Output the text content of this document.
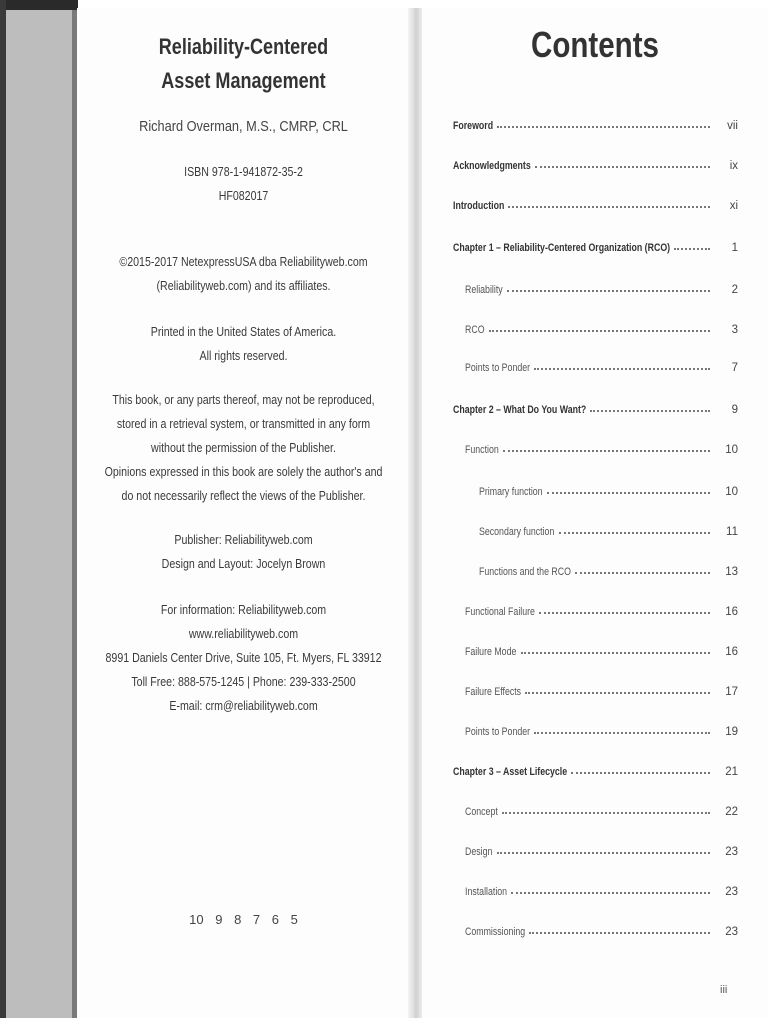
Reliability-Centered
Asset Management
Richard Overman, M.S., CMRP, CRL
ISBN 978-1-941872-35-2
HF082017
©2015-2017 NetexpressUSA dba Reliabilityweb.com
(Reliabilityweb.com) and its affiliates.
Printed in the United States of America.
All rights reserved.
This book, or any parts thereof, may not be reproduced,
stored in a retrieval system, or transmitted in any form
without the permission of the Publisher.
Opinions expressed in this book are solely the author's and
do not necessarily reflect the views of the Publisher.
Publisher: Reliabilityweb.com
Design and Layout: Jocelyn Brown
For information: Reliabilityweb.com
www.reliabilityweb.com
8991 Daniels Center Drive, Suite 105, Ft. Myers, FL 33912
Toll Free: 888-575-1245 | Phone: 239-333-2500
E-mail: crm@reliabilityweb.com
10 9 8 7 6 5
Contents
Foreword	vii
Acknowledgments	ix
Introduction	xi
Chapter 1 – Reliability-Centered Organization (RCO)	1
Reliability	2
RCO	3
Points to Ponder	7
Chapter 2 – What Do You Want?	9
Function	10
Primary function	10
Secondary function	11
Functions and the RCO	13
Functional Failure	16
Failure Mode	16
Failure Effects	17
Points to Ponder	19
Chapter 3 – Asset Lifecycle	21
Concept	22
Design	23
Installation	23
Commissioning	23
iii
